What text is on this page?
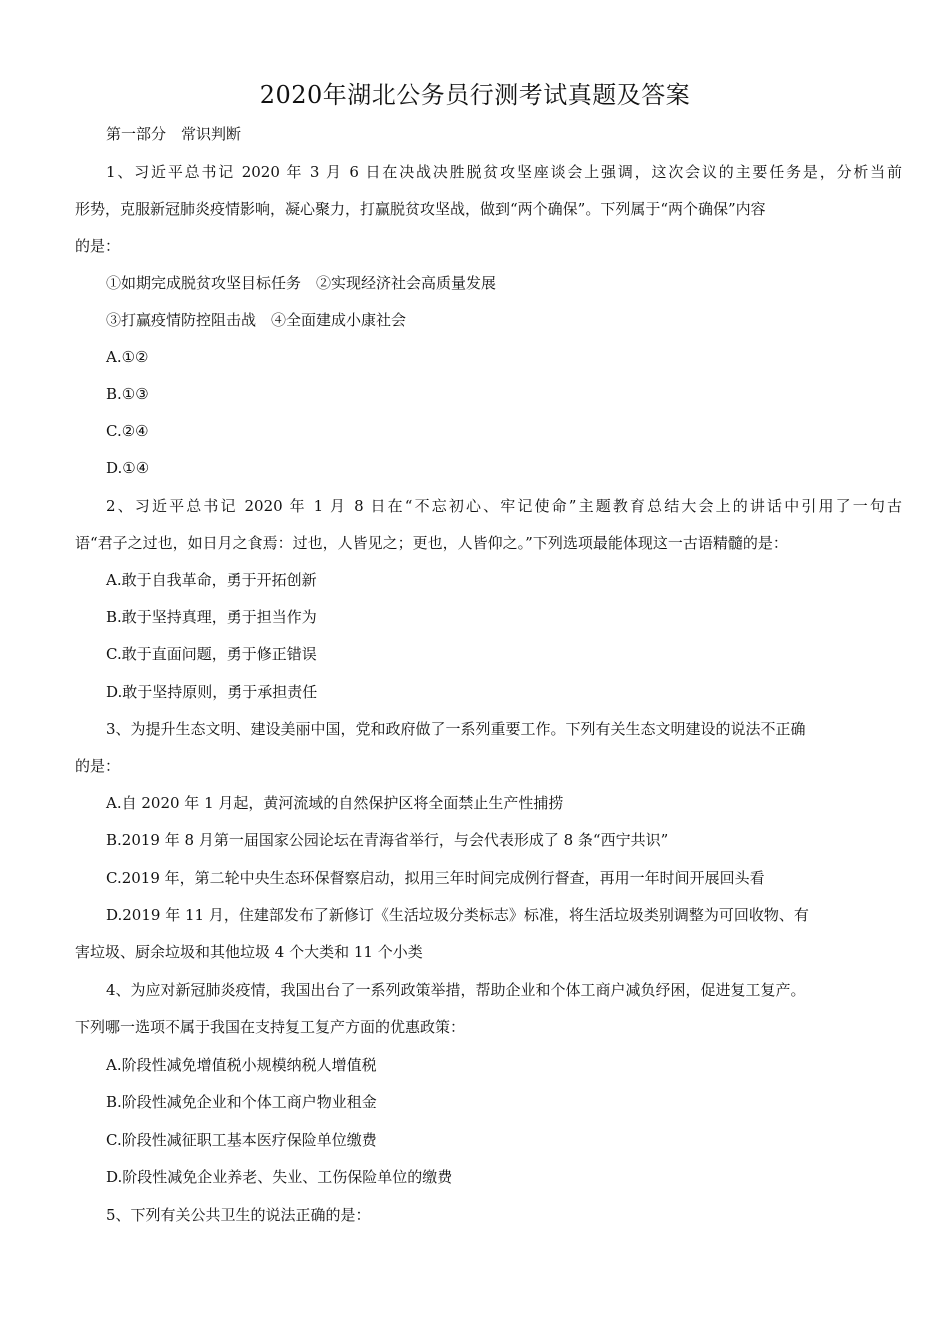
2020年湖北公务员行测考试真题及答案
第一部分　常识判断
1、习近平总书记 2020 年 3 月 6 日在决战决胜脱贫攻坚座谈会上强调，这次会议的主要任务是，分析当前
形势，克服新冠肺炎疫情影响，凝心聚力，打赢脱贫攻坚战，做到“两个确保”。下列属于“两个确保”内容
的是：
①如期完成脱贫攻坚目标任务　②实现经济社会高质量发展
③打赢疫情防控阻击战　④全面建成小康社会
A.①②
B.①③
C.②④
D.①④
2、习近平总书记 2020 年 1 月 8 日在“不忘初心、牢记使命”主题教育总结大会上的讲话中引用了一句古
语“君子之过也，如日月之食焉：过也，人皆见之；更也，人皆仰之。”下列选项最能体现这一古语精髓的是：
A.敢于自我革命，勇于开拓创新
B.敢于坚持真理，勇于担当作为
C.敢于直面问题，勇于修正错误
D.敢于坚持原则，勇于承担责任
3、为提升生态文明、建设美丽中国，党和政府做了一系列重要工作。下列有关生态文明建设的说法不正确
的是：
A.自 2020 年 1 月起，黄河流域的自然保护区将全面禁止生产性捕捞
B.2019 年 8 月第一届国家公园论坛在青海省举行，与会代表形成了 8 条“西宁共识”
C.2019 年，第二轮中央生态环保督察启动，拟用三年时间完成例行督查，再用一年时间开展回头看
D.2019 年 11 月，住建部发布了新修订《生活垃圾分类标志》标准，将生活垃圾类别调整为可回收物、有
害垃圾、厨余垃圾和其他垃圾 4 个大类和 11 个小类
4、为应对新冠肺炎疫情，我国出台了一系列政策举措，帮助企业和个体工商户减负纾困，促进复工复产。
下列哪一选项不属于我国在支持复工复产方面的优惠政策：
A.阶段性减免增值税小规模纳税人增值税
B.阶段性减免企业和个体工商户物业租金
C.阶段性减征职工基本医疗保险单位缴费
D.阶段性减免企业养老、失业、工伤保险单位的缴费
5、下列有关公共卫生的说法正确的是：
